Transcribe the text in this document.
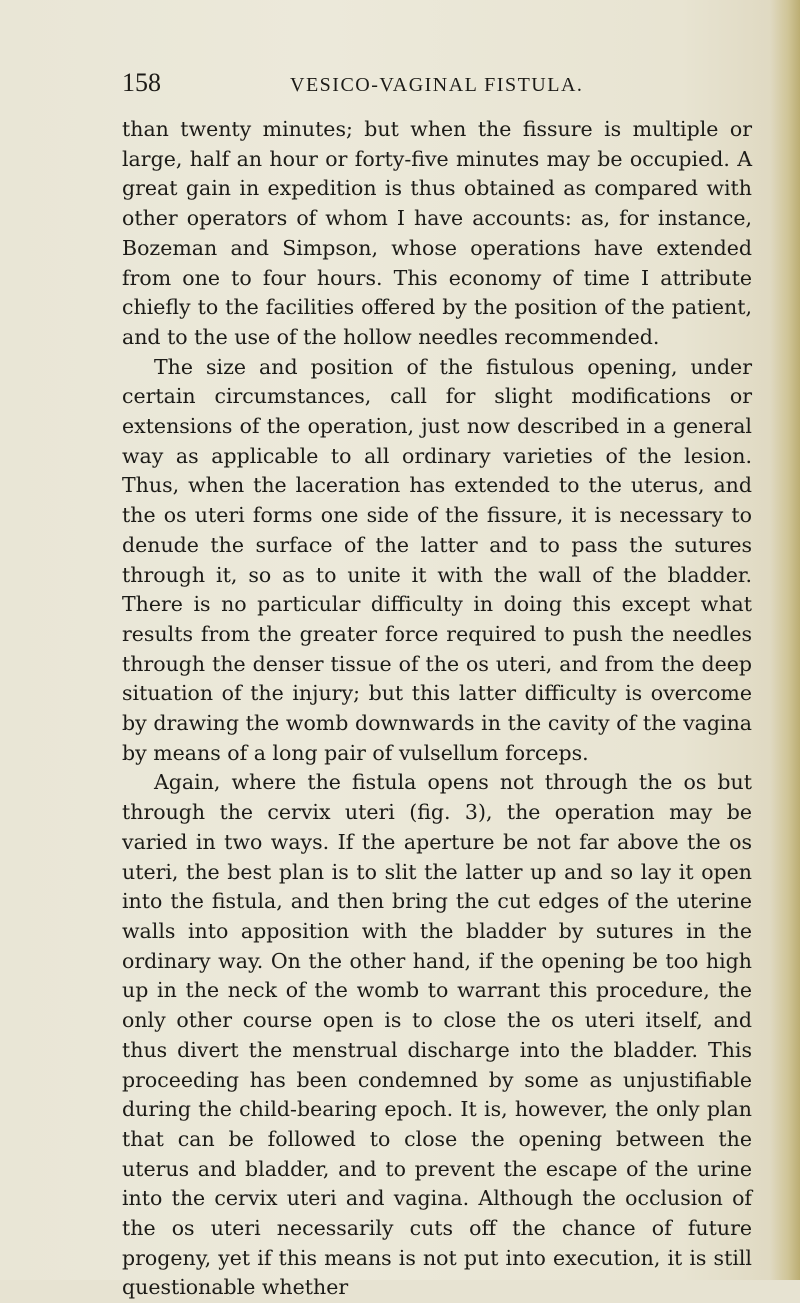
158	VESICO-VAGINAL FISTULA.

than twenty minutes; but when the fissure is multiple or large, half an hour or forty-five minutes may be occupied. A great gain in expedition is thus obtained as compared with other operators of whom I have accounts: as, for instance, Bozeman and Simpson, whose operations have extended from one to four hours. This economy of time I attribute chiefly to the facilities offered by the position of the patient, and to the use of the hollow needles recommended.

The size and position of the fistulous opening, under certain circumstances, call for slight modifications or extensions of the operation, just now described in a general way as applicable to all ordinary varieties of the lesion. Thus, when the laceration has extended to the uterus, and the os uteri forms one side of the fissure, it is necessary to denude the surface of the latter and to pass the sutures through it, so as to unite it with the wall of the bladder. There is no particular difficulty in doing this except what results from the greater force required to push the needles through the denser tissue of the os uteri, and from the deep situation of the injury; but this latter difficulty is overcome by drawing the womb downwards in the cavity of the vagina by means of a long pair of vulsellum forceps.

Again, where the fistula opens not through the os but through the cervix uteri (fig. 3), the operation may be varied in two ways. If the aperture be not far above the os uteri, the best plan is to slit the latter up and so lay it open into the fistula, and then bring the cut edges of the uterine walls into apposition with the bladder by sutures in the ordinary way. On the other hand, if the opening be too high up in the neck of the womb to warrant this procedure, the only other course open is to close the os uteri itself, and thus divert the menstrual discharge into the bladder. This proceeding has been condemned by some as unjustifiable during the child-bearing epoch. It is, however, the only plan that can be followed to close the opening between the uterus and bladder, and to prevent the escape of the urine into the cervix uteri and vagina. Although the occlusion of the os uteri necessarily cuts off the chance of future progeny, yet if this means is not put into execution, it is still questionable whether
